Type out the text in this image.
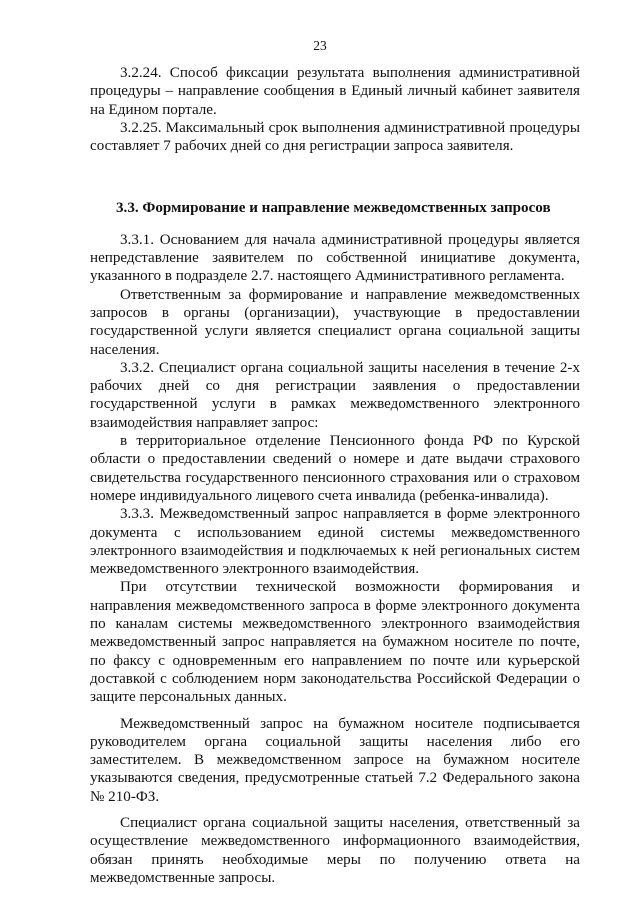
23

3.2.24. Способ фиксации результата выполнения административной процедуры – направление сообщения в Единый личный кабинет заявителя на Едином портале.

3.2.25. Максимальный срок выполнения административной процедуры составляет 7 рабочих дней со дня регистрации запроса заявителя.

3.3. Формирование и направление межведомственных запросов

3.3.1. Основанием для начала административной процедуры является непредставление заявителем по собственной инициативе документа, указанного в подразделе 2.7. настоящего Административного регламента.

Ответственным за формирование и направление межведомственных запросов в органы (организации), участвующие в предоставлении государственной услуги является специалист органа социальной защиты населения.

3.3.2. Специалист органа социальной защиты населения в течение 2-х рабочих дней со дня регистрации заявления о предоставлении государственной услуги в рамках межведомственного электронного взаимодействия направляет запрос:

в территориальное отделение Пенсионного фонда РФ по Курской области о предоставлении сведений о номере и дате выдачи страхового свидетельства государственного пенсионного страхования или о страховом номере индивидуального лицевого счета инвалида (ребенка-инвалида).

3.3.3. Межведомственный запрос направляется в форме электронного документа с использованием единой системы межведомственного электронного взаимодействия и подключаемых к ней региональных систем межведомственного электронного взаимодействия.

При отсутствии технической возможности формирования и направления межведомственного запроса в форме электронного документа по каналам системы межведомственного электронного взаимодействия межведомственный запрос направляется на бумажном носителе по почте, по факсу с одновременным его направлением по почте или курьерской доставкой с соблюдением норм законодательства Российской Федерации о защите персональных данных.

Межведомственный запрос на бумажном носителе подписывается руководителем органа социальной защиты населения либо его заместителем. В межведомственном запросе на бумажном носителе указываются сведения, предусмотренные статьей 7.2 Федерального закона № 210-ФЗ.

Специалист органа социальной защиты населения, ответственный за осуществление межведомственного информационного взаимодействия, обязан принять необходимые меры по получению ответа на межведомственные запросы.
